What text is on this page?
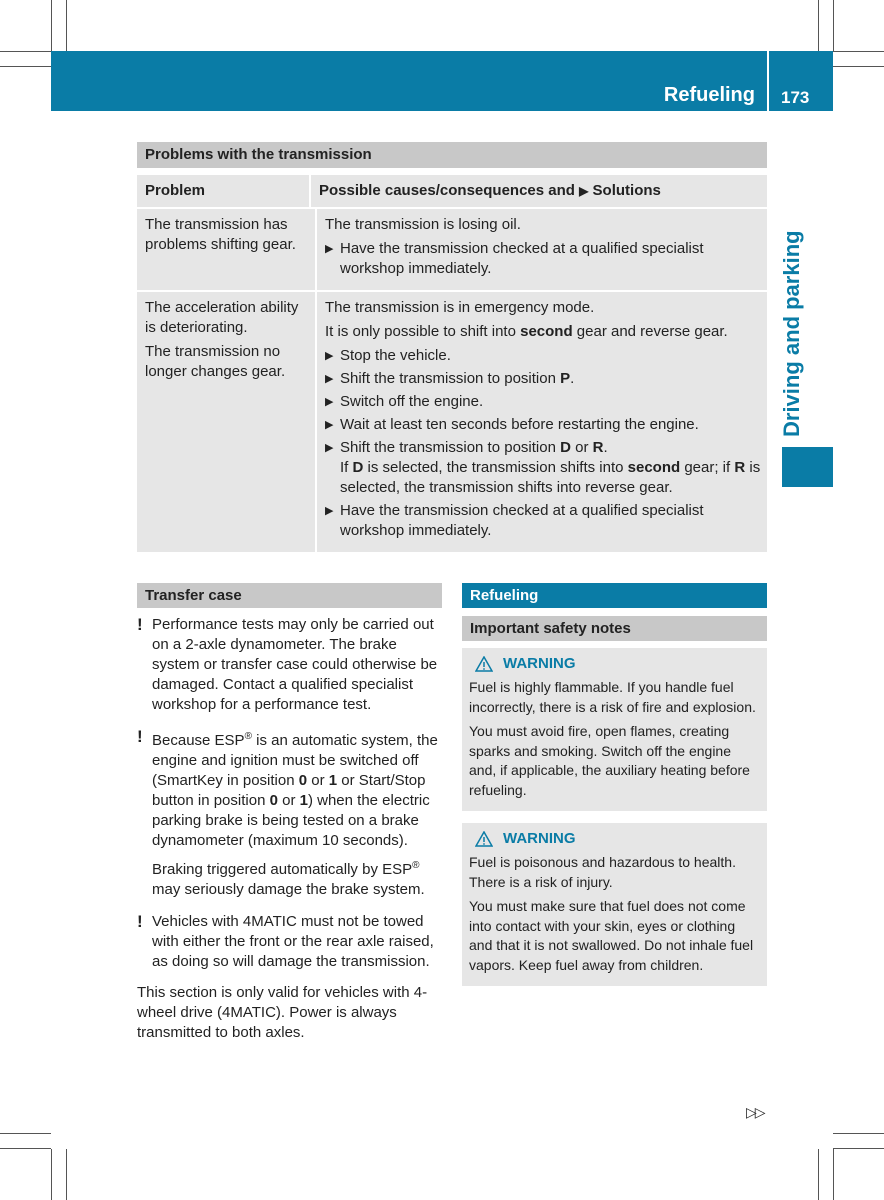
Refueling 173
Driving and parking
Problems with the transmission
Problem	Possible causes/consequences and ▶ Solutions
The transmission has problems shifting gear.

The transmission is losing oil.

▶ Have the transmission checked at a qualified specialist workshop immediately.

The acceleration ability is deteriorating.

The transmission no longer changes gear.

The transmission is in emergency mode.

It is only possible to shift into second gear and reverse gear.

▶ Stop the vehicle.
▶ Shift the transmission to position P.
▶ Switch off the engine.
▶ Wait at least ten seconds before restarting the engine.
▶ Shift the transmission to position D or R.
If D is selected, the transmission shifts into second gear; if R is selected, the transmission shifts into reverse gear.
▶ Have the transmission checked at a qualified specialist workshop immediately.
Transfer case
! Performance tests may only be carried out on a 2-axle dynamometer. The brake system or transfer case could otherwise be damaged. Contact a qualified specialist workshop for a performance test.

! Because ESP® is an automatic system, the engine and ignition must be switched off (SmartKey in position 0 or 1 or Start/Stop button in position 0 or 1) when the electric parking brake is being tested on a brake dynamometer (maximum 10 seconds).

Braking triggered automatically by ESP® may seriously damage the brake system.

! Vehicles with 4MATIC must not be towed with either the front or the rear axle raised, as doing so will damage the transmission.

This section is only valid for vehicles with 4-wheel drive (4MATIC). Power is always transmitted to both axles.
Refueling
Important safety notes
WARNING

Fuel is highly flammable. If you handle fuel incorrectly, there is a risk of fire and explosion.

You must avoid fire, open flames, creating sparks and smoking. Switch off the engine and, if applicable, the auxiliary heating before refueling.

WARNING

Fuel is poisonous and hazardous to health. There is a risk of injury.

You must make sure that fuel does not come into contact with your skin, eyes or clothing and that it is not swallowed. Do not inhale fuel vapors. Keep fuel away from children.

▷▷
